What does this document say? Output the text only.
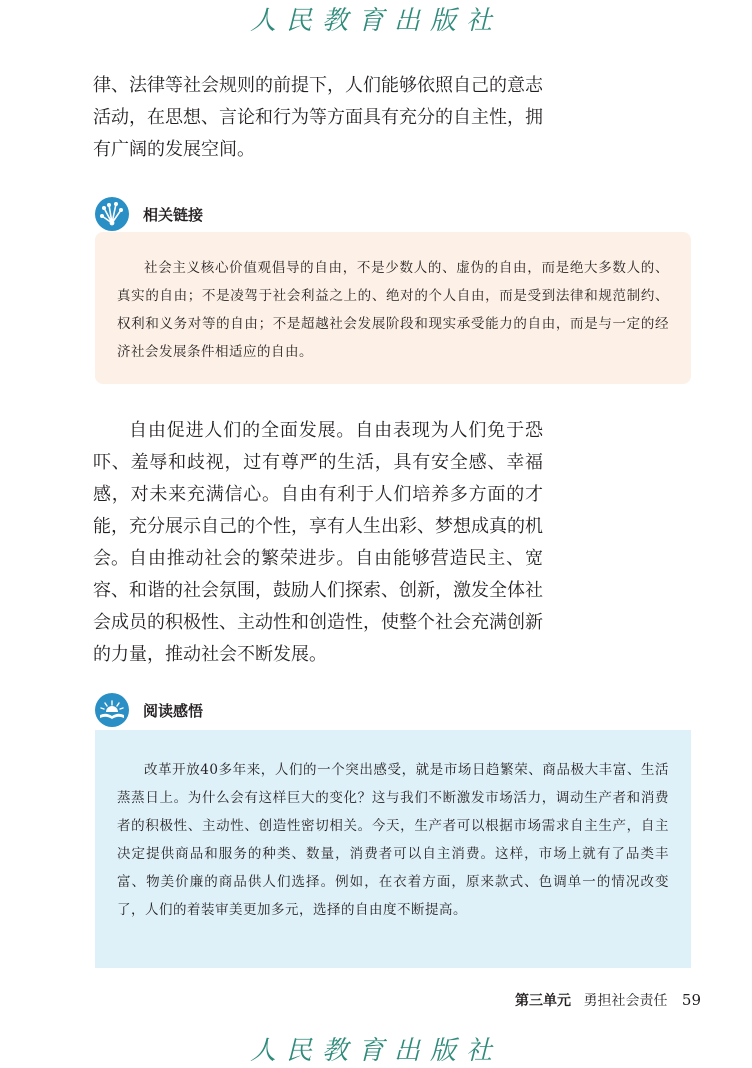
人民教育出版社

律、法律等社会规则的前提下，人们能够依照自己的意志活动，在思想、言论和行为等方面具有充分的自主性，拥有广阔的发展空间。

相关链接

社会主义核心价值观倡导的自由，不是少数人的、虚伪的自由，而是绝大多数人的、真实的自由；不是凌驾于社会利益之上的、绝对的个人自由，而是受到法律和规范制约、权利和义务对等的自由；不是超越社会发展阶段和现实承受能力的自由，而是与一定的经济社会发展条件相适应的自由。

自由促进人们的全面发展。自由表现为人们免于恐吓、羞辱和歧视，过有尊严的生活，具有安全感、幸福感，对未来充满信心。自由有利于人们培养多方面的才能，充分展示自己的个性，享有人生出彩、梦想成真的机会。 自由推动社会的繁荣进步。自由能够营造民主、宽容、和谐的社会氛围，鼓励人们探索、创新，激发全体社会成员的积极性、主动性和创造性，使整个社会充满创新的力量，推动社会不断发展。

阅读感悟

改革开放40多年来，人们的一个突出感受，就是市场日趋繁荣、商品极大丰富、生活蒸蒸日上。为什么会有这样巨大的变化？这与我们不断激发市场活力，调动生产者和消费者的积极性、主动性、创造性密切相关。今天，生产者可以根据市场需求自主生产，自主决定提供商品和服务的种类、数量，消费者可以自主消费。这样，市场上就有了品类丰富、物美价廉的商品供人们选择。例如，在衣着方面，原来款式、色调单一的情况改变了，人们的着装审美更加多元，选择的自由度不断提高。

第三单元 勇担社会责任 59
人民教育出版社
